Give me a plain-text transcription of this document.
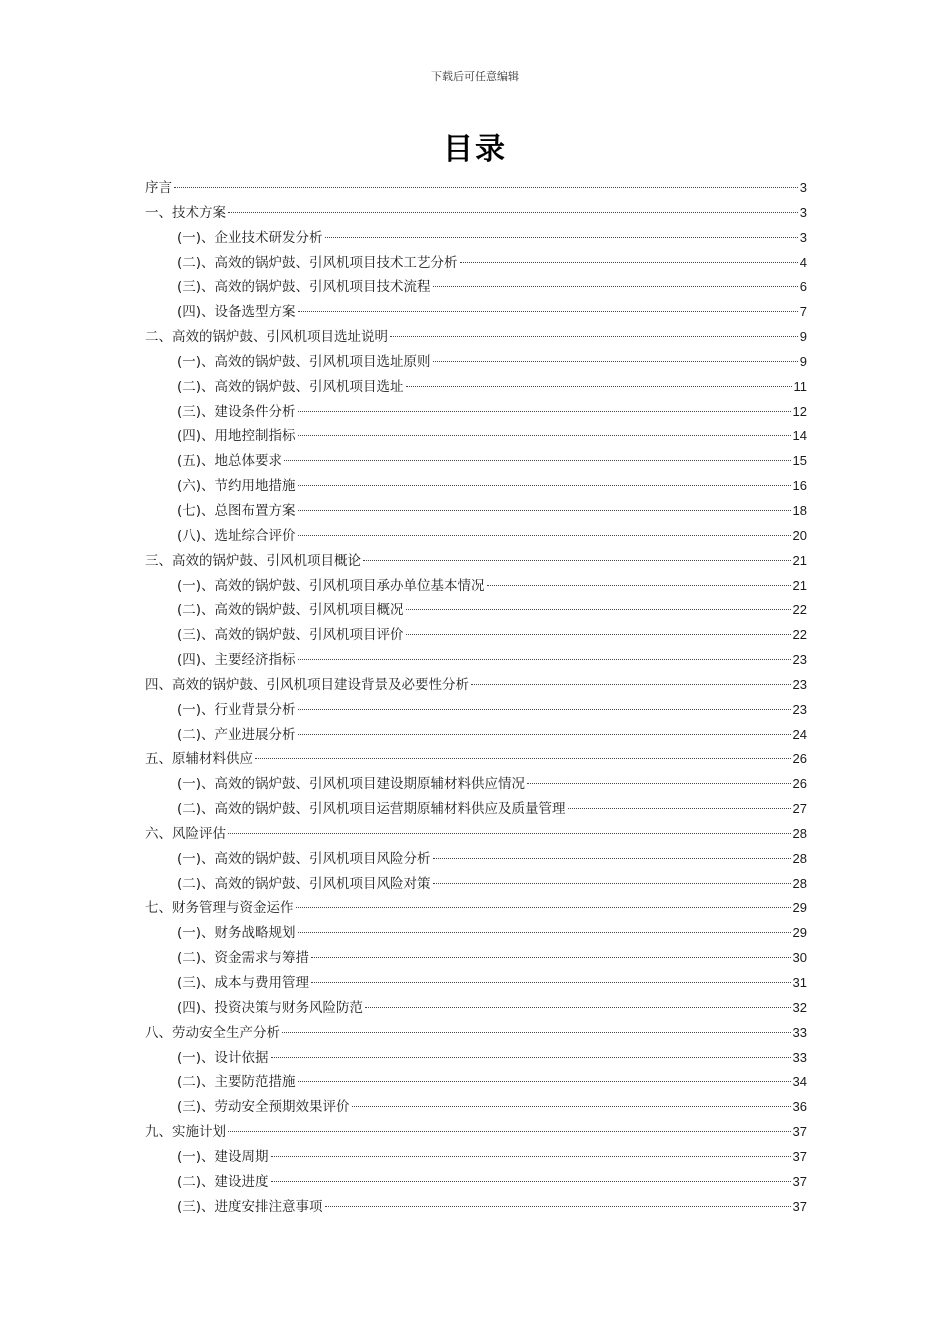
下载后可任意编辑
目录
序言	3
一、技术方案	3
(一)、企业技术研发分析	3
(二)、高效的锅炉鼓、引风机项目技术工艺分析	4
(三)、高效的锅炉鼓、引风机项目技术流程	6
(四)、设备选型方案	7
二、高效的锅炉鼓、引风机项目选址说明	9
(一)、高效的锅炉鼓、引风机项目选址原则	9
(二)、高效的锅炉鼓、引风机项目选址	11
(三)、建设条件分析	12
(四)、用地控制指标	14
(五)、地总体要求	15
(六)、节约用地措施	16
(七)、总图布置方案	18
(八)、选址综合评价	20
三、高效的锅炉鼓、引风机项目概论	21
(一)、高效的锅炉鼓、引风机项目承办单位基本情况	21
(二)、高效的锅炉鼓、引风机项目概况	22
(三)、高效的锅炉鼓、引风机项目评价	22
(四)、主要经济指标	23
四、高效的锅炉鼓、引风机项目建设背景及必要性分析	23
(一)、行业背景分析	23
(二)、产业进展分析	24
五、原辅材料供应	26
(一)、高效的锅炉鼓、引风机项目建设期原辅材料供应情况	26
(二)、高效的锅炉鼓、引风机项目运营期原辅材料供应及质量管理	27
六、风险评估	28
(一)、高效的锅炉鼓、引风机项目风险分析	28
(二)、高效的锅炉鼓、引风机项目风险对策	28
七、财务管理与资金运作	29
(一)、财务战略规划	29
(二)、资金需求与筹措	30
(三)、成本与费用管理	31
(四)、投资决策与财务风险防范	32
八、劳动安全生产分析	33
(一)、设计依据	33
(二)、主要防范措施	34
(三)、劳动安全预期效果评价	36
九、实施计划	37
(一)、建设周期	37
(二)、建设进度	37
(三)、进度安排注意事项	37
